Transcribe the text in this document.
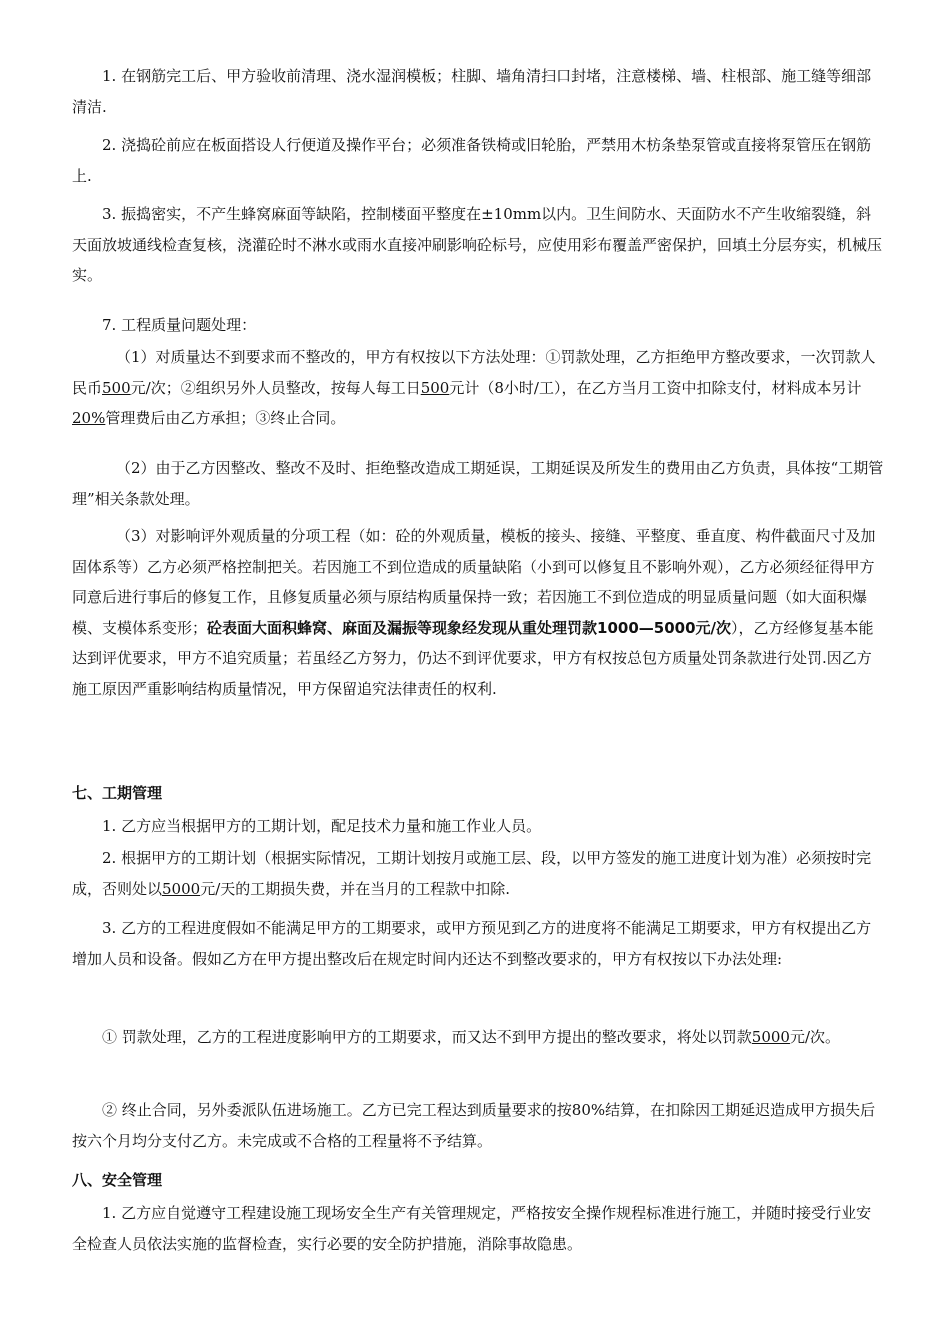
1. 在钢筋完工后、甲方验收前清理、浇水湿润模板；柱脚、墙角清扫口封堵，注意楼梯、墙、柱根部、施工缝等细部清洁.

2. 浇捣砼前应在板面搭设人行便道及操作平台；必须准备铁椅或旧轮胎，严禁用木枋条垫泵管或直接将泵管压在钢筋上.

3. 振捣密实，不产生蜂窝麻面等缺陷，控制楼面平整度在±10mm以内。卫生间防水、天面防水不产生收缩裂缝，斜天面放坡通线检查复核，浇灌砼时不淋水或雨水直接冲刷影响砼标号，应使用彩布覆盖严密保护，回填土分层夯实，机械压实。

7. 工程质量问题处理：

（1）对质量达不到要求而不整改的，甲方有权按以下方法处理：①罚款处理，乙方拒绝甲方整改要求，一次罚款人民币500元/次；②组织另外人员整改，按每人每工日500元计（8小时/工），在乙方当月工资中扣除支付，材料成本另计20%管理费后由乙方承担；③终止合同。

（2）由于乙方因整改、整改不及时、拒绝整改造成工期延误，工期延误及所发生的费用由乙方负责，具体按“工期管理”相关条款处理。

（3）对影响评外观质量的分项工程（如：砼的外观质量，模板的接头、接缝、平整度、垂直度、构件截面尺寸及加固体系等）乙方必须严格控制把关。若因施工不到位造成的质量缺陷（小到可以修复且不影响外观），乙方必须经征得甲方同意后进行事后的修复工作，且修复质量必须与原结构质量保持一致；若因施工不到位造成的明显质量问题（如大面积爆模、支模体系变形；砼表面大面积蜂窝、麻面及漏振等现象经发现从重处理罚款1000—5000元/次），乙方经修复基本能达到评优要求，甲方不追究质量；若虽经乙方努力，仍达不到评优要求，甲方有权按总包方质量处罚条款进行处罚.因乙方施工原因严重影响结构质量情况，甲方保留追究法律责任的权利.

七、工期管理

1. 乙方应当根据甲方的工期计划，配足技术力量和施工作业人员。

2. 根据甲方的工期计划（根据实际情况，工期计划按月或施工层、段，以甲方签发的施工进度计划为准）必须按时完成，否则处以5000元/天的工期损失费，并在当月的工程款中扣除.

3. 乙方的工程进度假如不能满足甲方的工期要求，或甲方预见到乙方的进度将不能满足工期要求，甲方有权提出乙方增加人员和设备。假如乙方在甲方提出整改后在规定时间内还达不到整改要求的，甲方有权按以下办法处理:

① 罚款处理，乙方的工程进度影响甲方的工期要求，而又达不到甲方提出的整改要求，将处以罚款5000元/次。

② 终止合同，另外委派队伍进场施工。乙方已完工程达到质量要求的按80%结算，在扣除因工期延迟造成甲方损失后按六个月均分支付乙方。未完成或不合格的工程量将不予结算。

八、安全管理

1. 乙方应自觉遵守工程建设施工现场安全生产有关管理规定，严格按安全操作规程标准进行施工，并随时接受行业安全检查人员依法实施的监督检查，实行必要的安全防护措施，消除事故隐患。
